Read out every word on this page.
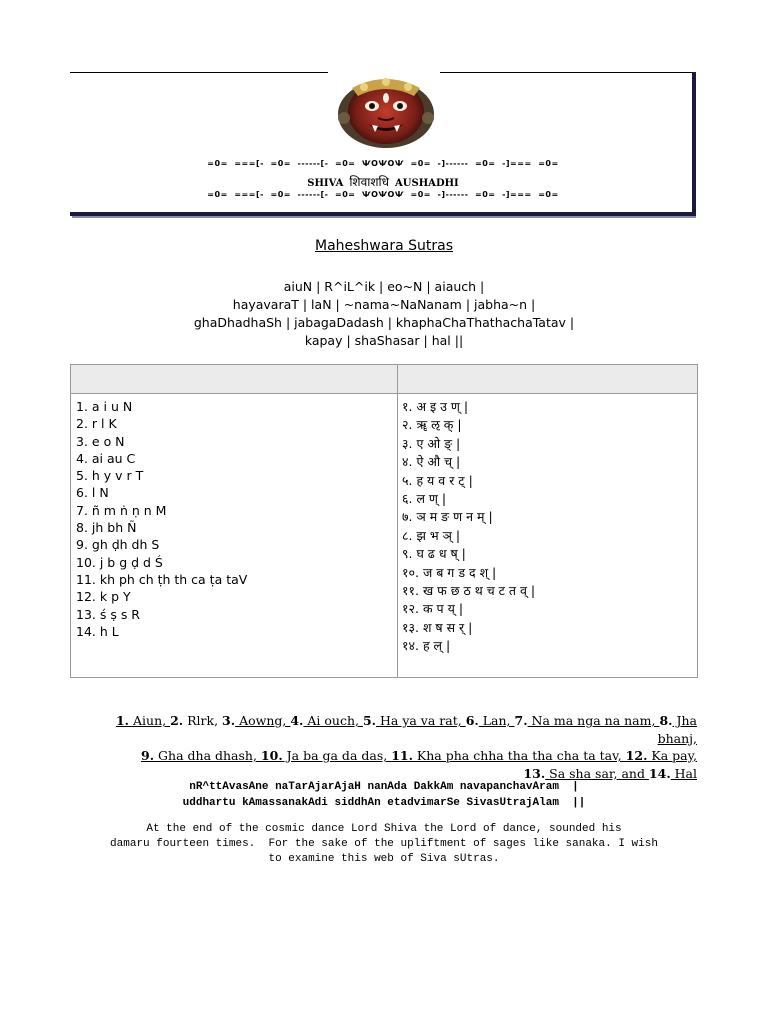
=0=  ===[-  =0=  ------[-  =0=  ѰOѰOѰ  =0=  -]------  =0=  -]===  =0=
SHIVA शिवाशधि AUSHADHI
=0=  ===[-  =0=  ------[-  =0=  ѰOѰOѰ  =0=  -]------  =0=  -]===  =0=
Maheshwara Sutras
aiuN | R^iL^ik | eo~N | aiauch |
hayavaraT | laN | ~nama~NaNanam | jabha~n |
ghaDhadhaSh | jabagaDadash | khaphaChaThathachaTatav |
kapay | shaShasar | hal ||
1. a i u N
2. r l K
3. e o N
4. ai au C
5. h y v r T
6. l N
7. ñ m ṅ ṇ n M
8. jh bh Ñ
9. gh ḍh dh S
10. j b g ḍ d Ś
11. kh ph ch ṭh th ca ṭa taV
12. k p Y
13. ś ṣ s R
14. h L
१. अ इ उ ण् |
२. ॠ ऌ क् |
३. ए ओ ङ् |
४. ऐ औ च् |
५. ह य व र ट् |
६. ल ण् |
७. ञ म ङ ण न म् |
८. झ भ ञ् |
९. घ ढ ध ष् |
१०. ज ब ग ड द श् |
११. ख फ छ ठ थ च ट त व् |
१२. क प य् |
१३. श ष स र् |
१४. ह ल् |
1. Aiun, 2. Rlrk, 3. Aowng, 4. Ai ouch, 5. Ha ya va rat, 6. Lan, 7. Na ma nga na nam, 8. Jha bhanj,
9. Gha dha dhash, 10. Ja ba ga da das, 11. Kha pha chha tha tha cha ta tav, 12. Ka pay,
13. Sa sha sar, and 14. Hal
nR^ttAvasAne naTarAjarAjaH nanAda DakkAm navapanchavAram  |
uddhartu kAmassanakAdi siddhAn etadvimarSe SivasUtrajAlam  ||
At the end of the cosmic dance Lord Shiva the Lord of dance, sounded his
damaru fourteen times.  For the sake of the upliftment of sages like sanaka. I wish
to examine this web of Siva sUtras.
